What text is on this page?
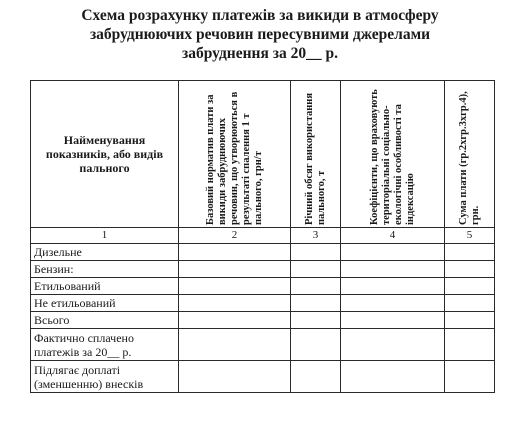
Схема розрахунку платежів за викиди в атмосферу
забруднюючих речовин пересувними джерелами
забруднення за 20__ р.
Найменування показників, або видів пального	Базовий норматив плати за викиди забруднюючих речовин, що утворюються в результаті спалення 1 т пального, грн/т	Річний обсяг використання пального, т	Коефіцієнти, що враховують територіальні соціально-екологічні особливості та індексацію	Сума плати (гр.2хгр.3хгр.4), грн.

1	2	3	4	5
Дизельне				
Бензин:				
Етильований				
Не етильований				
Всього				
Фактично сплачено платежів за 20__ р.				
Підлягає доплаті (зменшенню) внесків				
